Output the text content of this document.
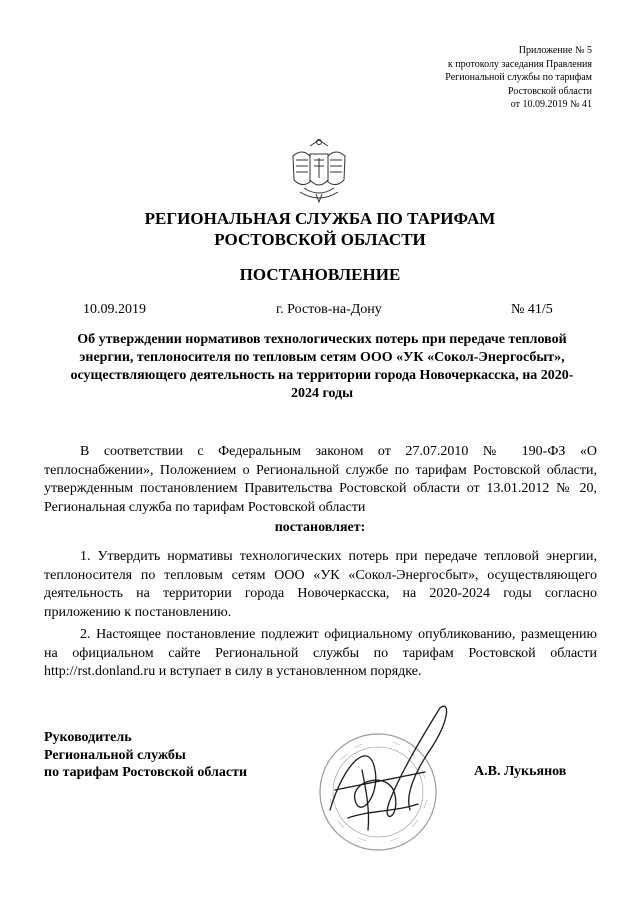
Приложение № 5
к протоколу заседания Правления
Региональной службы по тарифам
Ростовской области
от 10.09.2019 № 41
РЕГИОНАЛЬНАЯ СЛУЖБА ПО ТАРИФАМ
РОСТОВСКОЙ ОБЛАСТИ
ПОСТАНОВЛЕНИЕ
10.09.2019	г. Ростов-на-Дону	№ 41/5
Об утверждении нормативов технологических потерь при передаче тепловой энергии, теплоносителя по тепловым сетям ООО «УК «Сокол-Энергосбыт», осуществляющего деятельность на территории города Новочеркасска, на 2020-2024 годы
В соответствии с Федеральным законом от 27.07.2010 № 190-ФЗ «О теплоснабжении», Положением о Региональной службе по тарифам Ростовской области, утвержденным постановлением Правительства Ростовской области от 13.01.2012 № 20, Региональная служба по тарифам Ростовской области
постановляет:
1. Утвердить нормативы технологических потерь при передаче тепловой энергии, теплоносителя по тепловым сетям ООО «УК «Сокол-Энергосбыт», осуществляющего деятельность на территории города Новочеркасска, на 2020-2024 годы согласно приложению к постановлению.
2. Настоящее постановление подлежит официальному опубликованию, размещению на официальном сайте Региональной службы по тарифам Ростовской области http://rst.donland.ru и вступает в силу в установленном порядке.
Руководитель
Региональной службы
по тарифам Ростовской области	А.В. Лукьянов
